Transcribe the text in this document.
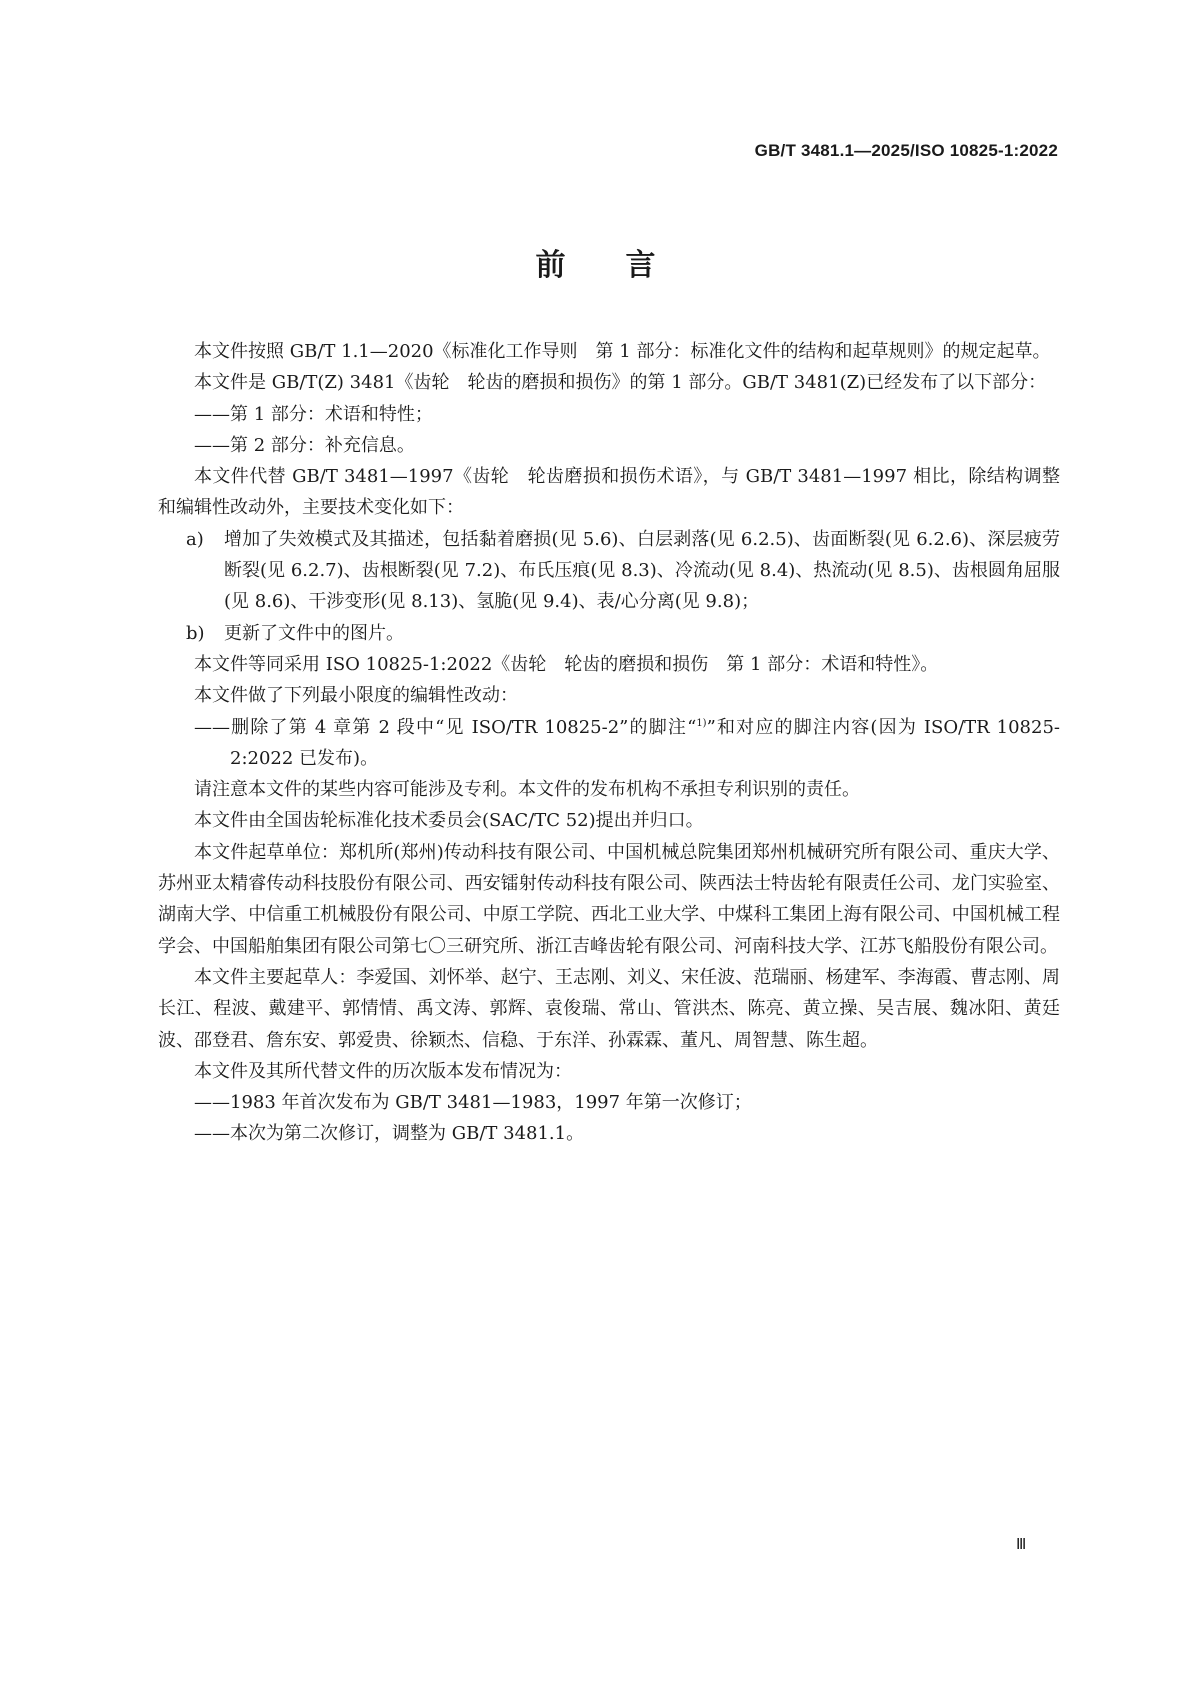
GB/T 3481.1—2025/ISO 10825-1:2022
前言

本文件按照 GB/T 1.1—2020《标准化工作导则　第 1 部分：标准化文件的结构和起草规则》的规定起草。

本文件是 GB/T(Z) 3481《齿轮　轮齿的磨损和损伤》的第 1 部分。GB/T 3481(Z)已经发布了以下部分：

——第 1 部分：术语和特性；

——第 2 部分：补充信息。

本文件代替 GB/T 3481—1997《齿轮　轮齿磨损和损伤术语》，与 GB/T 3481—1997 相比，除结构调整和编辑性改动外，主要技术变化如下：

a)	增加了失效模式及其描述，包括黏着磨损(见 5.6)、白层剥落(见 6.2.5)、齿面断裂(见 6.2.6)、深层疲劳断裂(见 6.2.7)、齿根断裂(见 7.2)、布氏压痕(见 8.3)、冷流动(见 8.4)、热流动(见 8.5)、齿根圆角屈服(见 8.6)、干涉变形(见 8.13)、氢脆(见 9.4)、表/心分离(见 9.8)；
b)	更新了文件中的图片。

本文件等同采用 ISO 10825-1:2022《齿轮　轮齿的磨损和损伤　第 1 部分：术语和特性》。

本文件做了下列最小限度的编辑性改动：

——删除了第 4 章第 2 段中“见 ISO/TR 10825-2”的脚注“$^{1)}$”和对应的脚注内容(因为 ISO/TR 10825-2:2022 已发布)。

请注意本文件的某些内容可能涉及专利。本文件的发布机构不承担专利识别的责任。

本文件由全国齿轮标准化技术委员会(SAC/TC 52)提出并归口。

本文件起草单位：郑机所(郑州)传动科技有限公司、中国机械总院集团郑州机械研究所有限公司、重庆大学、苏州亚太精睿传动科技股份有限公司、西安镭射传动科技有限公司、陕西法士特齿轮有限责任公司、龙门实验室、湖南大学、中信重工机械股份有限公司、中原工学院、西北工业大学、中煤科工集团上海有限公司、中国机械工程学会、中国船舶集团有限公司第七〇三研究所、浙江吉峰齿轮有限公司、河南科技大学、江苏飞船股份有限公司。

本文件主要起草人：李爱国、刘怀举、赵宁、王志刚、刘义、宋任波、范瑞丽、杨建军、李海霞、曹志刚、周长江、程波、戴建平、郭情情、禹文涛、郭辉、袁俊瑞、常山、管洪杰、陈亮、黄立操、吴吉展、魏冰阳、黄廷波、邵登君、詹东安、郭爱贵、徐颖杰、信稳、于东洋、孙霖霖、董凡、周智慧、陈生超。

本文件及其所代替文件的历次版本发布情况为：

——1983 年首次发布为 GB/T 3481—1983，1997 年第一次修订；

——本次为第二次修订，调整为 GB/T 3481.1。

Ⅲ
